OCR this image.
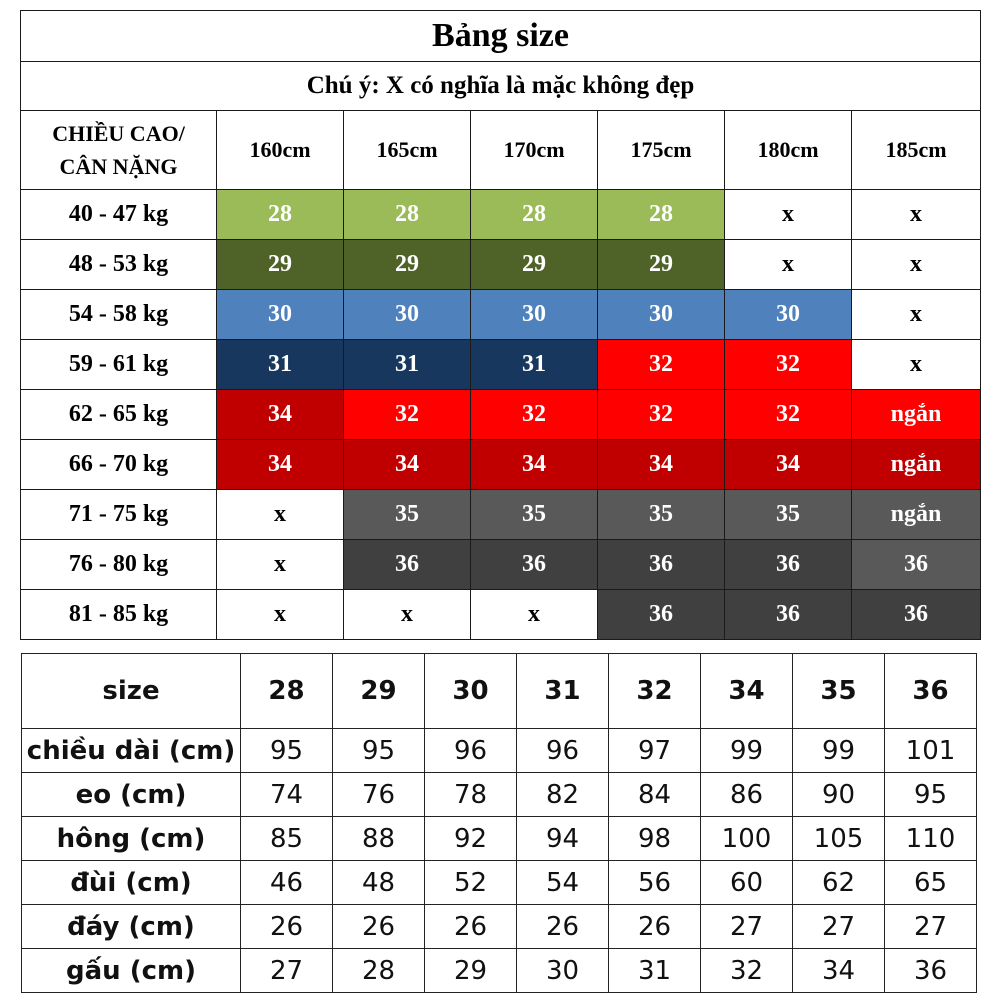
Bảng size						
Chú ý: X có nghĩa là mặc không đẹp						
CHIỀU CAO/
CÂN NẶNG	160cm	165cm	170cm	175cm	180cm	185cm
40 - 47 kg	28	28	28	28	x	x
48 - 53 kg	29	29	29	29	x	x
54 - 58 kg	30	30	30	30	30	x
59 - 61 kg	31	31	31	32	32	x
62 - 65 kg	34	32	32	32	32	ngắn
66 - 70 kg	34	34	34	34	34	ngắn
71 - 75 kg	x	35	35	35	35	ngắn
76 - 80 kg	x	36	36	36	36	36
81 - 85 kg	x	x	x	36	36	36
size	28	29	30	31	32	34	35	36
chiều dài (cm)	95	95	96	96	97	99	99	101
eo (cm)	74	76	78	82	84	86	90	95
hông (cm)	85	88	92	94	98	100	105	110
đùi (cm)	46	48	52	54	56	60	62	65
đáy (cm)	26	26	26	26	26	27	27	27
gấu (cm)	27	28	29	30	31	32	34	36
